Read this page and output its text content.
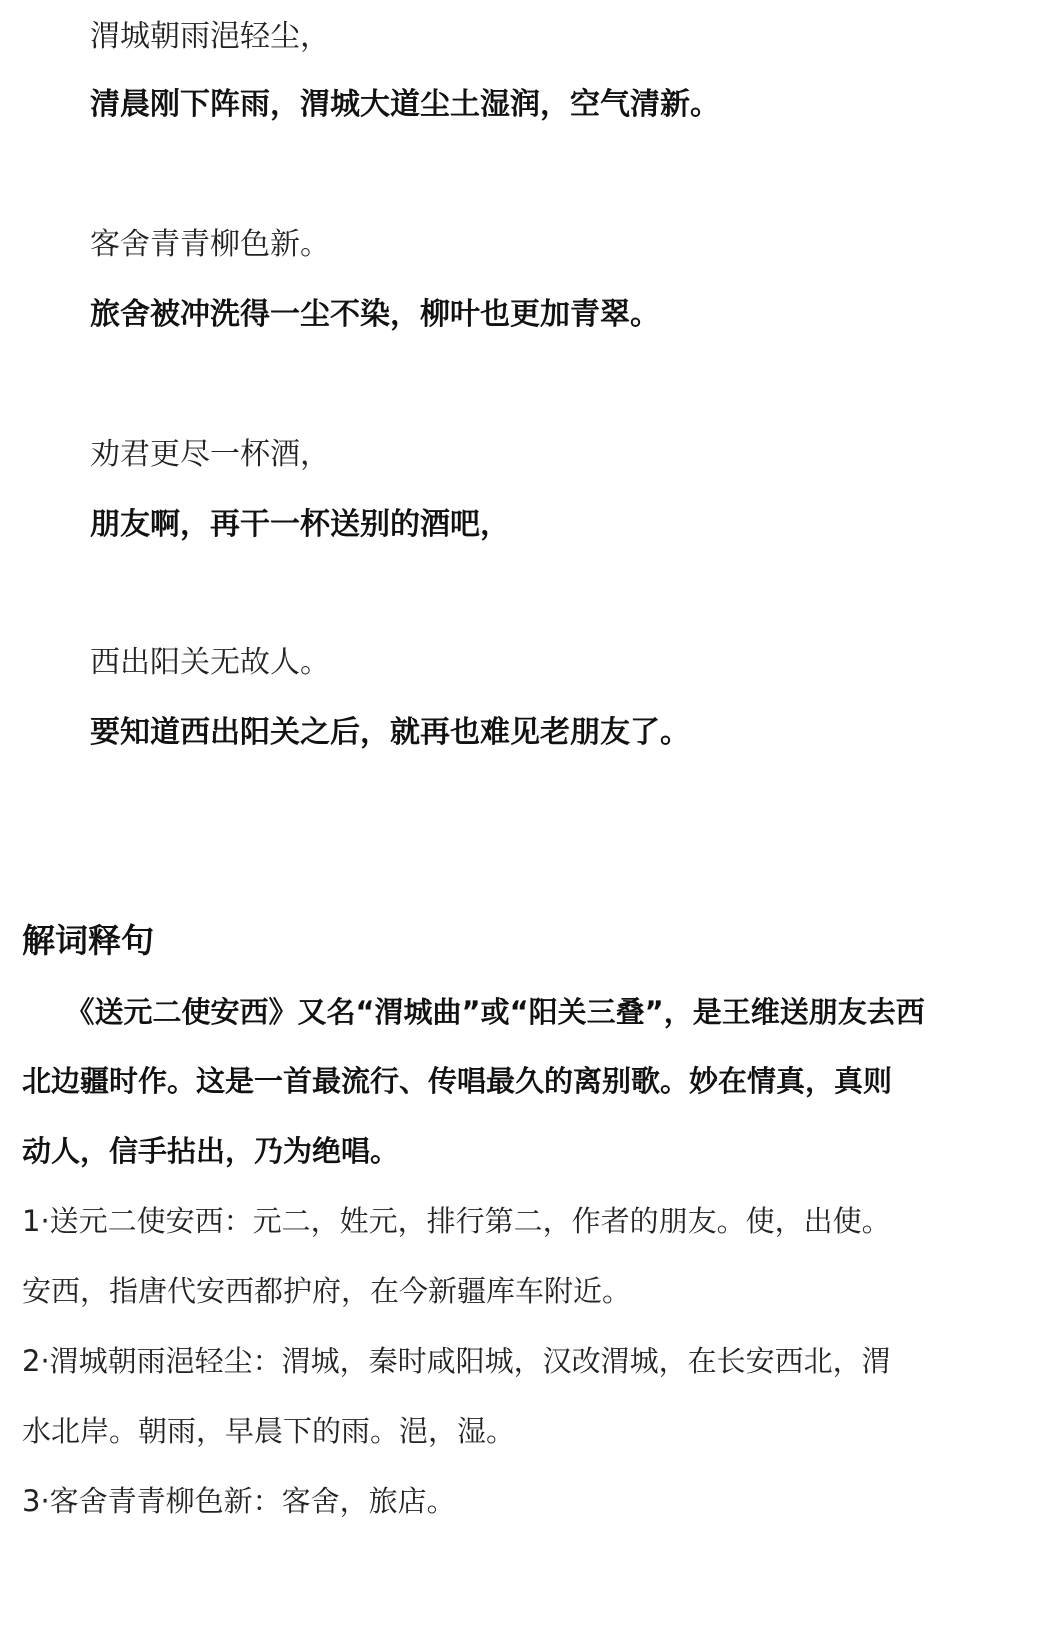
渭城朝雨浥轻尘，
清晨刚下阵雨，渭城大道尘土湿润，空气清新。
客舍青青柳色新。
旅舍被冲洗得一尘不染，柳叶也更加青翠。
劝君更尽一杯酒，
朋友啊，再干一杯送别的酒吧，
西出阳关无故人。
要知道西出阳关之后，就再也难见老朋友了。
解词释句
　　《送元二使安西》又名“渭城曲”或“阳关三叠”，是王维送朋友去西
北边疆时作。这是一首最流行、传唱最久的离别歌。妙在情真，真则
动人，信手拈出，乃为绝唱。
1·送元二使安西：元二，姓元，排行第二，作者的朋友。使，出使。
安西，指唐代安西都护府，在今新疆库车附近。
2·渭城朝雨浥轻尘：渭城，秦时咸阳城，汉改渭城，在长安西北，渭
水北岸。朝雨，早晨下的雨。浥，湿。
3·客舍青青柳色新：客舍，旅店。
